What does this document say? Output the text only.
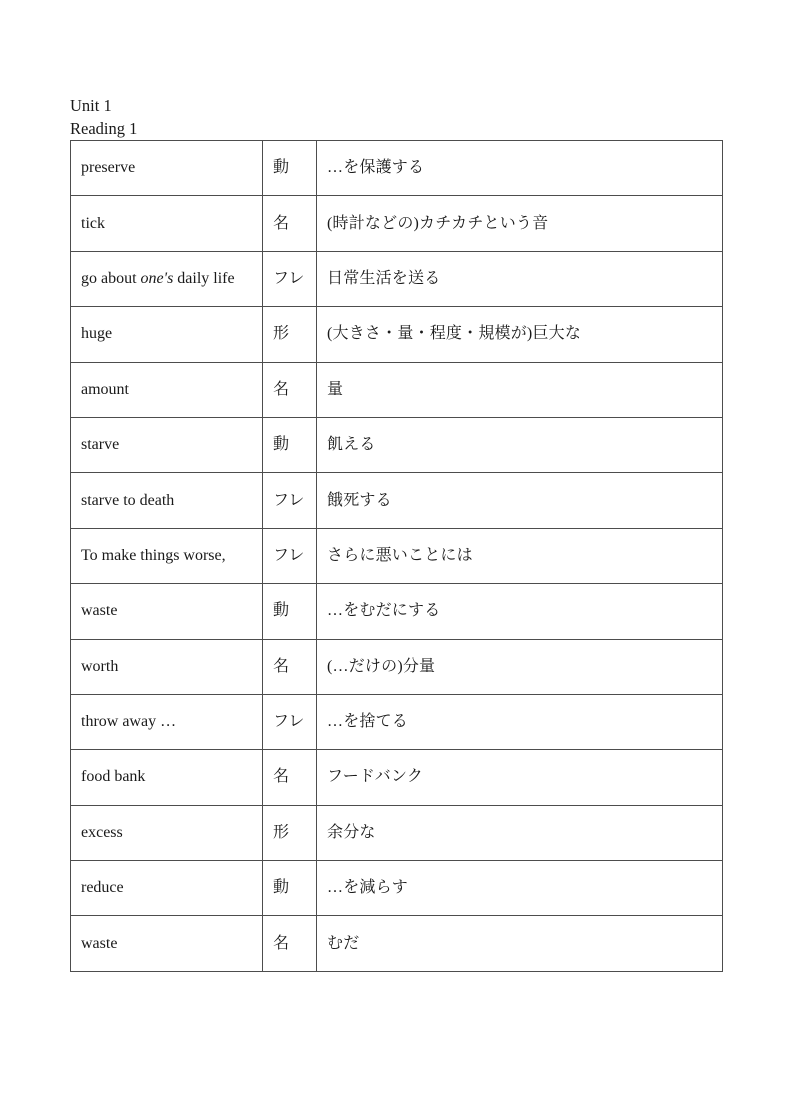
Unit 1
Reading 1
preserve	動	…を保護する
tick	名	(時計などの)カチカチという音
go about one's daily life	フレ	日常生活を送る
huge	形	(大きさ・量・程度・規模が)巨大な
amount	名	量
starve	動	飢える
starve to death	フレ	餓死する
To make things worse,	フレ	さらに悪いことには
waste	動	…をむだにする
worth	名	(…だけの)分量
throw away …	フレ	…を捨てる
food bank	名	フードバンク
excess	形	余分な
reduce	動	…を減らす
waste	名	むだ
